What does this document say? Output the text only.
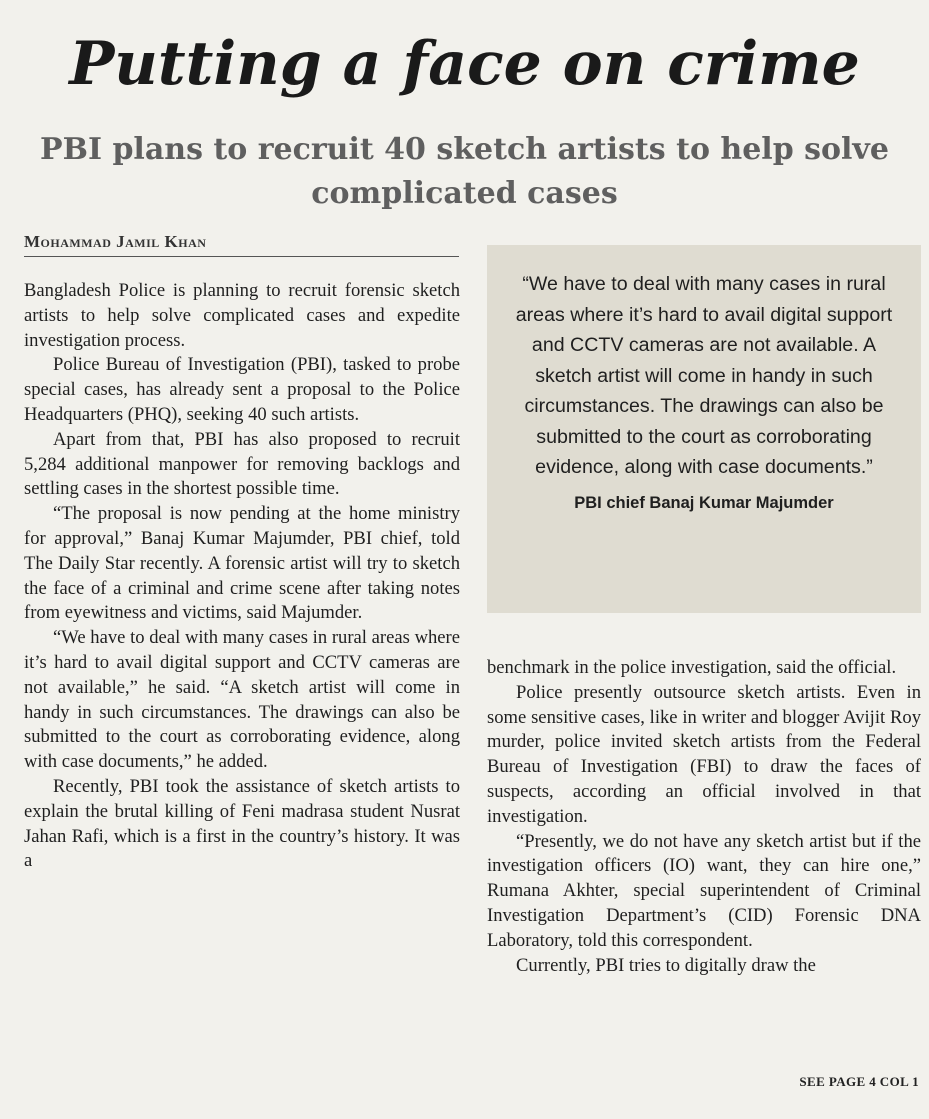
Putting a face on crime
PBI plans to recruit 40 sketch artists to help solve complicated cases
Mohammad Jamil Khan

Bangladesh Police is planning to recruit forensic sketch artists to help solve complicated cases and expedite investigation process.

Police Bureau of Investigation (PBI), tasked to probe special cases, has already sent a proposal to the Police Headquarters (PHQ), seeking 40 such artists.

Apart from that, PBI has also proposed to recruit 5,284 additional manpower for removing backlogs and settling cases in the shortest possible time.

“The proposal is now pending at the home ministry for approval,” Banaj Kumar Majumder, PBI chief, told The Daily Star recently. A forensic artist will try to sketch the face of a criminal and crime scene after taking notes from eyewitness and victims, said Majumder.

“We have to deal with many cases in rural areas where it’s hard to avail digital support and CCTV cameras are not available,” he said. “A sketch artist will come in handy in such circumstances. The drawings can also be submitted to the court as corroborating evidence, along with case documents,” he added.

Recently, PBI took the assistance of sketch artists to explain the brutal killing of Feni madrasa student Nusrat Jahan Rafi, which is a first in the country’s history. It was a

“We have to deal with many cases in rural areas where it’s hard to avail digital support and CCTV cameras are not available. A sketch artist will come in handy in such circumstances. The drawings can also be submitted to the court as corroborating evidence, along with case documents.”
PBI chief Banaj Kumar Majumder

benchmark in the police investigation, said the official.

Police presently outsource sketch artists. Even in some sensitive cases, like in writer and blogger Avijit Roy murder, police invited sketch artists from the Federal Bureau of Investigation (FBI) to draw the faces of suspects, according an official involved in that investigation.

“Presently, we do not have any sketch artist but if the investigation officers (IO) want, they can hire one,” Rumana Akhter, special superintendent of Criminal Investigation Department’s (CID) Forensic DNA Laboratory, told this correspondent.

Currently, PBI tries to digitally draw the

SEE PAGE 4 COL 1
